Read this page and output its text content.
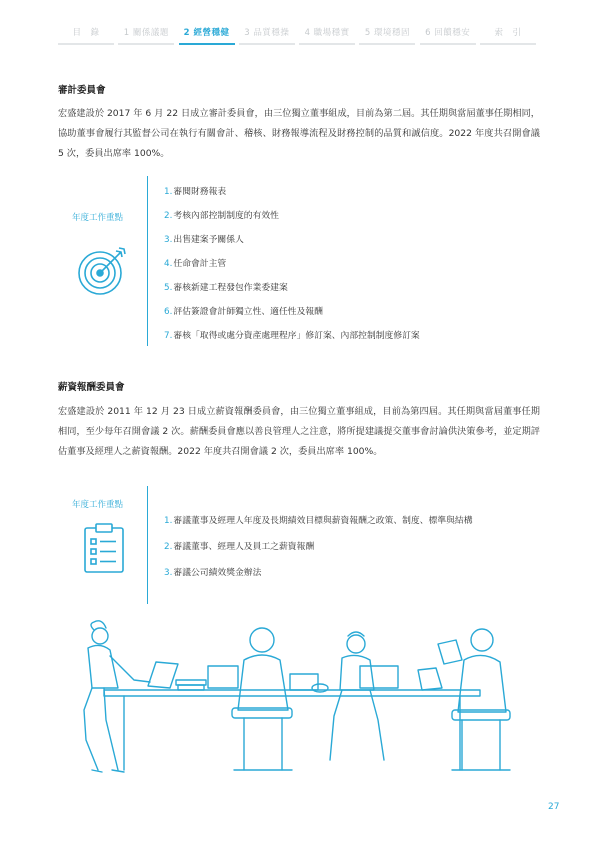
目　錄	1 關係議題	2 經營穩健	3 品質穩操	4 職場穩實	5 環境穩固	6 回饋穩安	索　引
審計委員會

宏盛建設於 2017 年 6 月 22 日成立審計委員會，由三位獨立董事組成，目前為第二屆。其任期與當屆董事任期相同，協助董事會履行其監督公司在執行有關會計、稽核、財務報導流程及財務控制的品質和誠信度。2022 年度共召開會議 5 次，委員出席率 100%。

年度工作重點
1.審閱財務報表
2.考核內部控制制度的有效性
3.出售建案予關係人
4.任命會計主管
5.審核新建工程發包作業委建案
6.評估簽證會計師獨立性、適任性及報酬
7.審核「取得或處分資產處理程序」修訂案、內部控制制度修訂案
薪資報酬委員會

宏盛建設於 2011 年 12 月 23 日成立薪資報酬委員會，由三位獨立董事組成，目前為第四屆。其任期與當屆董事任期相同，至少每年召開會議 2 次。薪酬委員會應以善良管理人之注意，將所提建議提交董事會討論供決策參考，並定期評估董事及經理人之薪資報酬。2022 年度共召開會議 2 次，委員出席率 100%。

年度工作重點
1.審議董事及經理人年度及長期績效目標與薪資報酬之政策、制度、標準與結構
2.審議董事、經理人及員工之薪資報酬
3.審議公司績效獎金辦法
27
